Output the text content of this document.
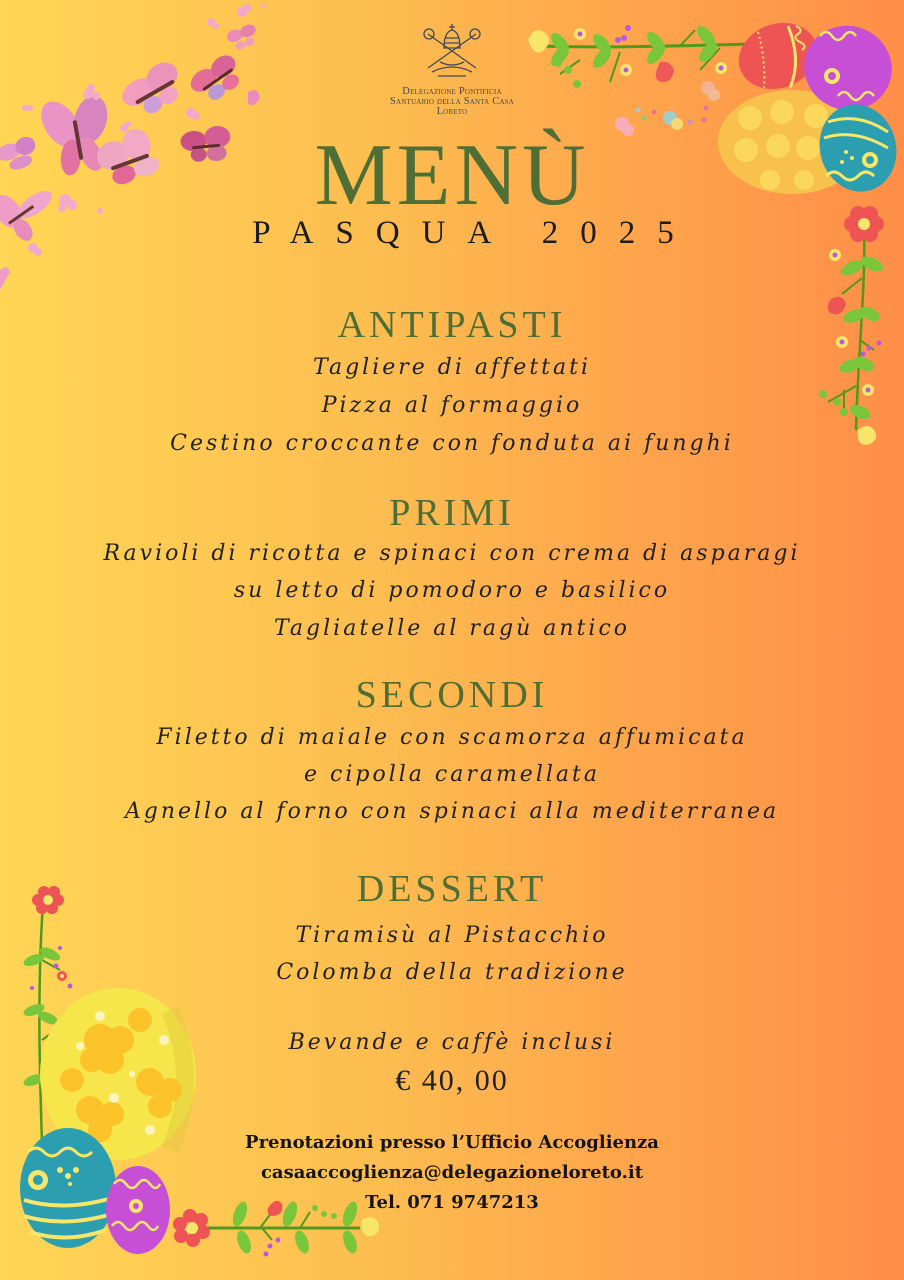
Delegazione Pontificia
Santuario della Santa Casa
Loreto
MENÙ
PASQUA 2025
ANTIPASTI
Tagliere di affettati
Pizza al formaggio
Cestino croccante con fonduta ai funghi
PRIMI
Ravioli di ricotta e spinaci con crema di asparagi
su letto di pomodoro e basilico
Tagliatelle al ragù antico
SECONDI
Filetto di maiale con scamorza affumicata
e cipolla caramellata
Agnello al forno con spinaci alla mediterranea
DESSERT
Tiramisù al Pistacchio
Colomba della tradizione
Bevande e caffè inclusi
€ 40, 00
Prenotazioni presso l’Ufficio Accoglienza
casaaccoglienza@delegazioneloreto.it
Tel. 071 9747213
